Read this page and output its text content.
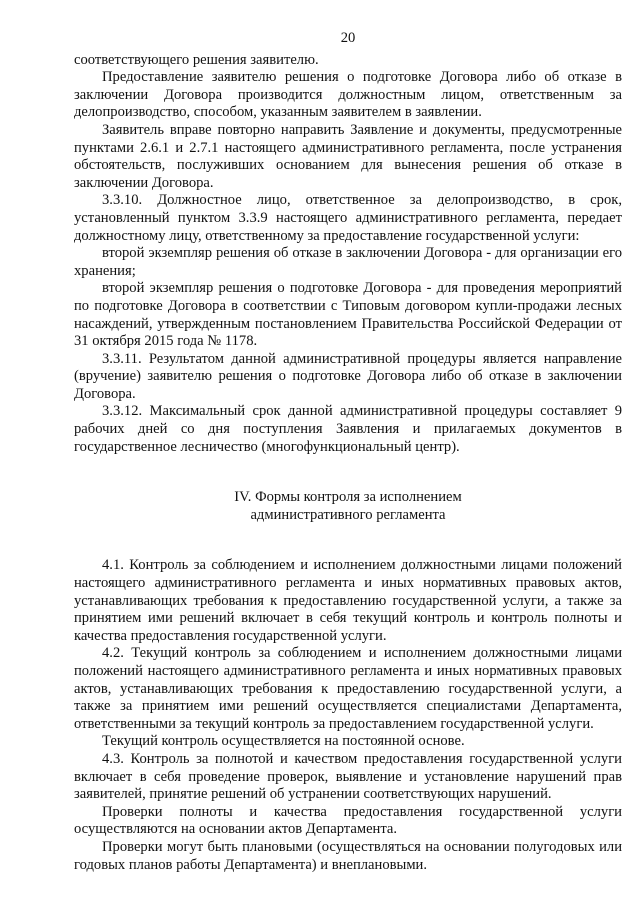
20

соответствующего решения заявителю.

Предоставление заявителю решения о подготовке Договора либо об отказе в заключении Договора производится должностным лицом, ответственным за делопроизводство, способом, указанным заявителем в заявлении.

Заявитель вправе повторно направить Заявление и документы, предусмотренные пунктами 2.6.1 и 2.7.1 настоящего административного регламента, после устранения обстоятельств, послуживших основанием для вынесения решения об отказе в заключении Договора.

3.3.10. Должностное лицо, ответственное за делопроизводство, в срок, установленный пунктом 3.3.9 настоящего административного регламента, передает должностному лицу, ответственному за предоставление государственной услуги:

второй экземпляр решения об отказе в заключении Договора - для организации его хранения;

второй экземпляр решения о подготовке Договора - для проведения мероприятий по подготовке Договора в соответствии с Типовым договором купли-продажи лесных насаждений, утвержденным постановлением Правительства Российской Федерации от 31 октября 2015 года № 1178.

3.3.11. Результатом данной административной процедуры является направление (вручение) заявителю решения о подготовке Договора либо об отказе в заключении Договора.

3.3.12. Максимальный срок данной административной процедуры составляет 9 рабочих дней со дня поступления Заявления и прилагаемых документов в государственное лесничество (многофункциональный центр).

IV. Формы контроля за исполнением
административного регламента

4.1. Контроль за соблюдением и исполнением должностными лицами положений настоящего административного регламента и иных нормативных правовых актов, устанавливающих требования к предоставлению государственной услуги, а также за принятием ими решений включает в себя текущий контроль и контроль полноты и качества предоставления государственной услуги.

4.2. Текущий контроль за соблюдением и исполнением должностными лицами положений настоящего административного регламента и иных нормативных правовых актов, устанавливающих требования к предоставлению государственной услуги, а также за принятием ими решений осуществляется специалистами Департамента, ответственными за текущий контроль за предоставлением государственной услуги.

Текущий контроль осуществляется на постоянной основе.

4.3. Контроль за полнотой и качеством предоставления государственной услуги включает в себя проведение проверок, выявление и установление нарушений прав заявителей, принятие решений об устранении соответствующих нарушений.

Проверки полноты и качества предоставления государственной услуги осуществляются на основании актов Департамента.

Проверки могут быть плановыми (осуществляться на основании полугодовых или годовых планов работы Департамента) и внеплановыми.
